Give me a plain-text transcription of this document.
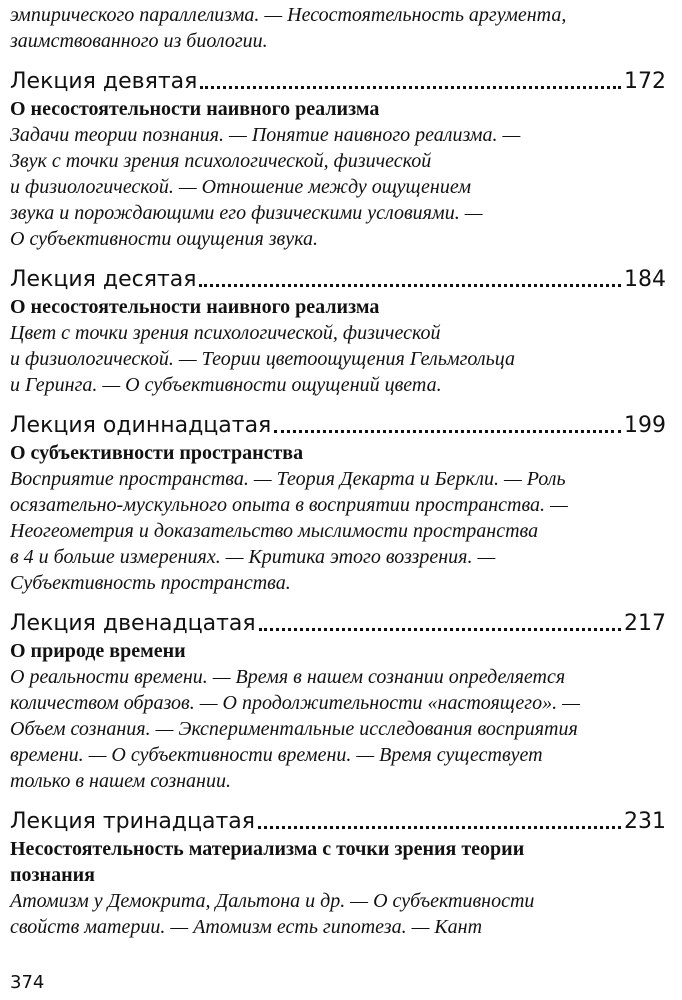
эмпирического параллелизма. — Несостоятельность аргумента,
заимствованного из биологии.
Лекция девятая	172
О несостоятельности наивного реализма
Задачи теории познания. — Понятие наивного реализма. —
Звук с точки зрения психологической, физической
и физиологической. — Отношение между ощущением
звука и порождающими его физическими условиями. —
О субъективности ощущения звука.
Лекция десятая	184
О несостоятельности наивного реализма
Цвет с точки зрения психологической, физической
и физиологической. — Теории цветоощущения Гельмгольца
и Геринга. — О субъективности ощущений цвета.
Лекция одиннадцатая	199
О субъективности пространства
Восприятие пространства. — Теория Декарта и Беркли. — Роль
осязательно-мускульного опыта в восприятии пространства. —
Неогеометрия и доказательство мыслимости пространства
в 4 и больше измерениях. — Критика этого воззрения. —
Субъективность пространства.
Лекция двенадцатая	217
О природе времени
О реальности времени. — Время в нашем сознании определяется
количеством образов. — О продолжительности «настоящего». —
Объем сознания. — Экспериментальные исследования восприятия
времени. — О субъективности времени. — Время существует
только в нашем сознании.
Лекция тринадцатая	231
Несостоятельность материализма с точки зрения теории
познания
Атомизм у Демокрита, Дальтона и др. — О субъективности
свойств материи. — Атомизм есть гипотеза. — Кант
374
